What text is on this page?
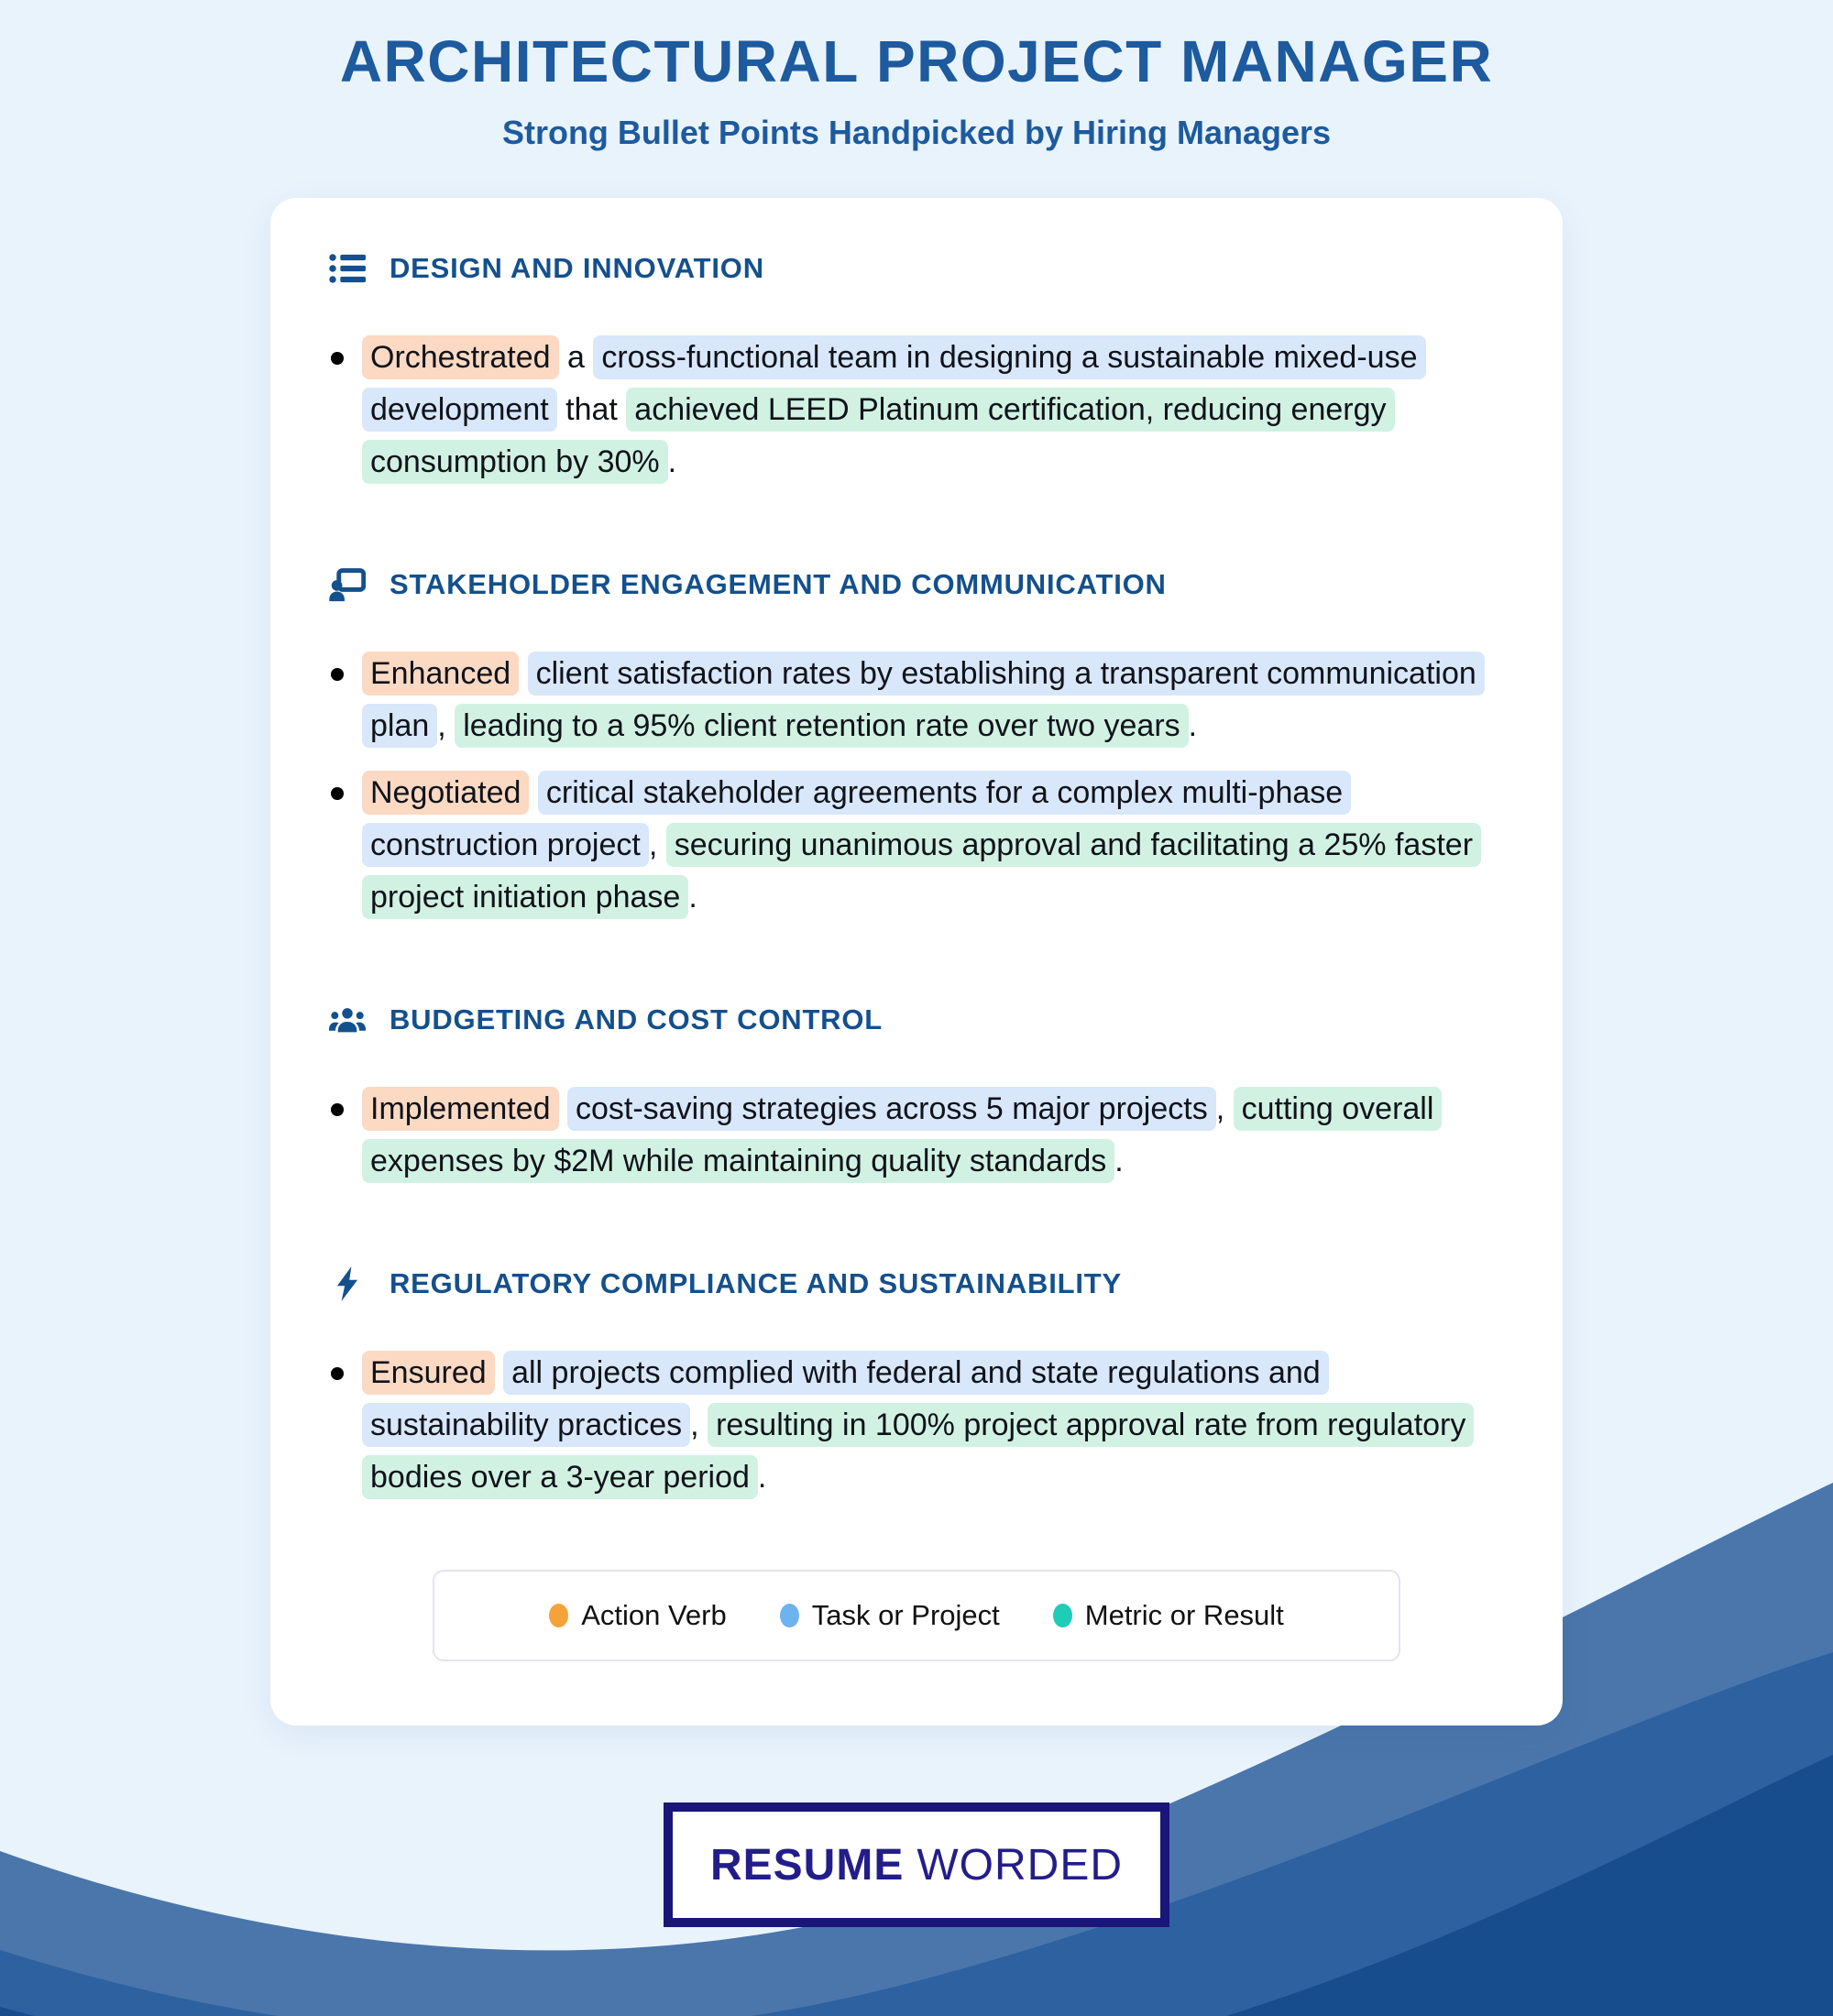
ARCHITECTURAL PROJECT MANAGER
Strong Bullet Points Handpicked by Hiring Managers
DESIGN AND INNOVATION
Orchestrated a cross-functional team in designing a sustainable mixed-use development that achieved LEED Platinum certification, reducing energy consumption by 30% .
STAKEHOLDER ENGAGEMENT AND COMMUNICATION
Enhanced client satisfaction rates by establishing a transparent communication plan , leading to a 95% client retention rate over two years .
Negotiated critical stakeholder agreements for a complex multi-phase construction project , securing unanimous approval and facilitating a 25% faster project initiation phase .
BUDGETING AND COST CONTROL
Implemented cost-saving strategies across 5 major projects , cutting overall expenses by $2M while maintaining quality standards .
REGULATORY COMPLIANCE AND SUSTAINABILITY
Ensured all projects complied with federal and state regulations and sustainability practices , resulting in 100% project approval rate from regulatory bodies over a 3-year period .
Action Verb	Task or Project	Metric or Result
RESUME WORDED
